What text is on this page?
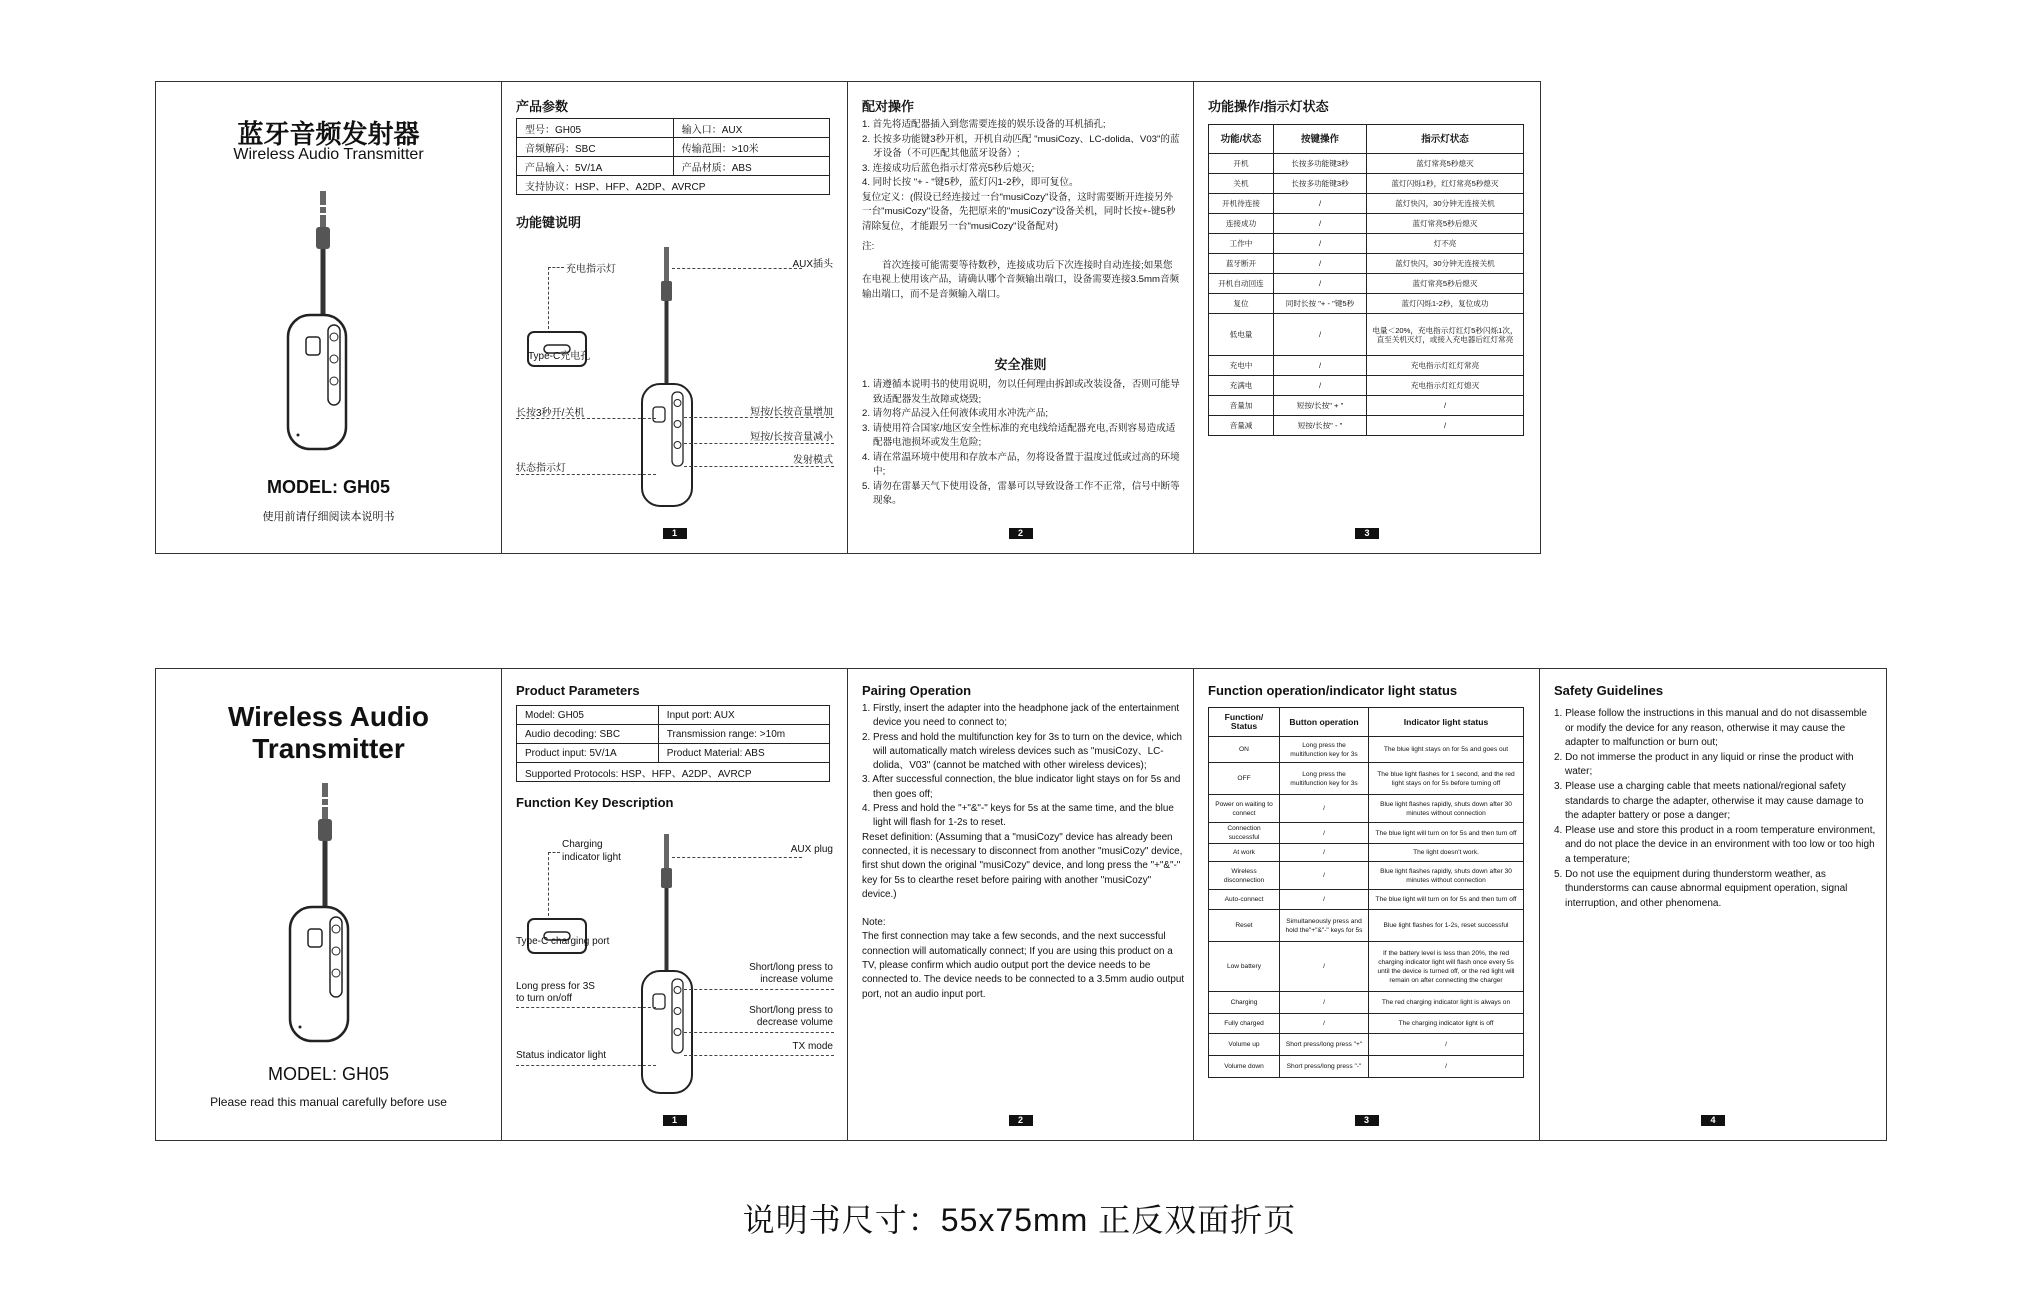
蓝牙音频发射器
Wireless Audio Transmitter
MODEL: GH05
使用前请仔细阅读本说明书
产品参数
型号：GH05	输入口：AUX
音频解码：SBC	传输范围：>10米
产品输入：5V/1A	产品材质：ABS
支持协议：HSP、HFP、A2DP、AVRCP	
功能键说明
充电指示灯	AUX插头
Type-C充电孔
长按3秒开/关机	短按/长按音量增加
短按/长按音量减小
发射模式
状态指示灯
1
配对操作

1. 首先将适配器插入到您需要连接的娱乐设备的耳机插孔;

2. 长按多功能键3秒开机，开机自动匹配 "musiCozy、LC-dolida、V03"的蓝牙设备（不可匹配其他蓝牙设备）;

3. 连接成功后蓝色指示灯常亮5秒后熄灭;

4. 同时长按 "+ - "键5秒，蓝灯闪1-2秒，即可复位。

复位定义：(假设已经连接过一台"musiCozy"设备，这时需要断开连接另外一台"musiCozy"设备，先把原来的"musiCozy"设备关机，同时长按+-键5秒清除复位，才能跟另一台"musiCozy"设备配对)

注:

首次连接可能需要等待数秒，连接成功后下次连接时自动连接;如果您在电视上使用该产品，请确认哪个音频输出端口，设备需要连接3.5mm音频输出端口，而不是音频输入端口。

安全准则

1. 请遵循本说明书的使用说明，勿以任何理由拆卸或改装设备，否则可能导致适配器发生故障或烧毁;

2. 请勿将产品浸入任何液体或用水冲洗产品;

3. 请使用符合国家/地区安全性标准的充电线给适配器充电,否则容易造成适配器电池损坏或发生危险;

4. 请在常温环境中使用和存放本产品，勿将设备置于温度过低或过高的环境中;

5. 请勿在雷暴天气下使用设备，雷暴可以导致设备工作不正常，信号中断等现象。

2
功能操作/指示灯状态
功能/状态	按键操作	指示灯状态
开机	长按多功能键3秒	蓝灯常亮5秒熄灭
关机	长按多功能键3秒	蓝灯闪烁1秒，红灯常亮5秒熄灭
开机待连接	/	蓝灯快闪，30分钟无连接关机
连接成功	/	蓝灯常亮5秒后熄灭
工作中	/	灯不亮
蓝牙断开	/	蓝灯快闪，30分钟无连接关机
开机自动回连	/	蓝灯常亮5秒后熄灭
复位	同时长按 "+ - "键5秒	蓝灯闪烁1-2秒，复位成功
低电量	/	电量＜20%，充电指示灯红灯5秒闪烁1次，直至关机灭灯，或接入充电器后红灯常亮
充电中	/	充电指示灯红灯常亮
充满电	/	充电指示灯红灯熄灭
音量加	短按/长按" + "	/
音量减	短按/长按" - "	/
3
Wireless Audio
Transmitter
MODEL: GH05
Please read this manual carefully before use
Product Parameters
Model: GH05	Input port: AUX
Audio decoding: SBC	Transmission range: >10m
Product input: 5V/1A	Product Material: ABS
Supported Protocols: HSP、HFP、A2DP、AVRCP	
Function Key Description
Charging
indicator light
AUX plug
Type-C charging port
Short/long press to
increase volume
Long press for 3S
to turn on/off
Short/long press to
decrease volume
TX mode
Status indicator light
1
Pairing Operation

1. Firstly, insert the adapter into the headphone jack of the entertainment device you need to connect to;

2. Press and hold the multifunction key for 3s to turn on the device, which will automatically match wireless devices such as "musiCozy、LC-dolida、V03" (cannot be matched with other wireless devices);

3. After successful connection, the blue indicator light stays on for 5s and then goes off;

4. Press and hold the "+"&"-" keys for 5s at the same time, and the blue light will flash for 1-2s to reset.

Reset definition: (Assuming that a "musiCozy" device has already been connected, it is necessary to disconnect from another "musiCozy" device, first shut down the original "musiCozy" device, and long press the "+"&"-" key for 5s to clearthe reset before pairing with another "musiCozy" device.)

Note:

The first connection may take a few seconds, and the next successful connection will automatically connect; If you are using this product on a TV, please confirm which audio output port the device needs to be connected to. The device needs to be connected to a 3.5mm audio output port, not an audio input port.

2
Function operation/indicator light status
Function/ Status	Button operation	Indicator light status
ON	Long press the multifunction key for 3s	The blue light stays on for 5s and goes out
OFF	Long press the multifunction key for 3s	The blue light flashes for 1 second, and the red light stays on for 5s before turning off
Power on waiting to connect	/	Blue light flashes rapidly, shuts down after 30 minutes without connection
Connection successful	/	The blue light will turn on for 5s and then turn off
At work	/	The light doesn't work.
Wireless disconnection	/	Blue light flashes rapidly, shuts down after 30 minutes without connection
Auto-connect	/	The blue light will turn on for 5s and then turn off
Reset	Simultaneously press and hold the"+"&"-" keys for 5s	Blue light flashes for 1-2s, reset successful
Low battery	/	If the battery level is less than 20%, the red charging indicator light will flash once every 5s until the device is turned off, or the red light will remain on after connecting the charger
Charging	/	The red charging indicator light is always on
Fully charged	/	The charging indicator light is off
Volume up	Short press/long press "+"	/
Volume down	Short press/long press "-"	/
3
Safety Guidelines

1. Please follow the instructions in this manual and do not disassemble or modify the device for any reason, otherwise it may cause the adapter to malfunction or burn out;

2. Do not immerse the product in any liquid or rinse the product with water;

3. Please use a charging cable that meets national/regional safety standards to charge the adapter, otherwise it may cause damage to the adapter battery or pose a danger;

4. Please use and store this product in a room temperature environment, and do not place the device in an environment with too low or too high a temperature;

5. Do not use the equipment during thunderstorm weather, as thunderstorms can cause abnormal equipment operation, signal interruption, and other phenomena.

4
说明书尺寸：55x75mm 正反双面折页
